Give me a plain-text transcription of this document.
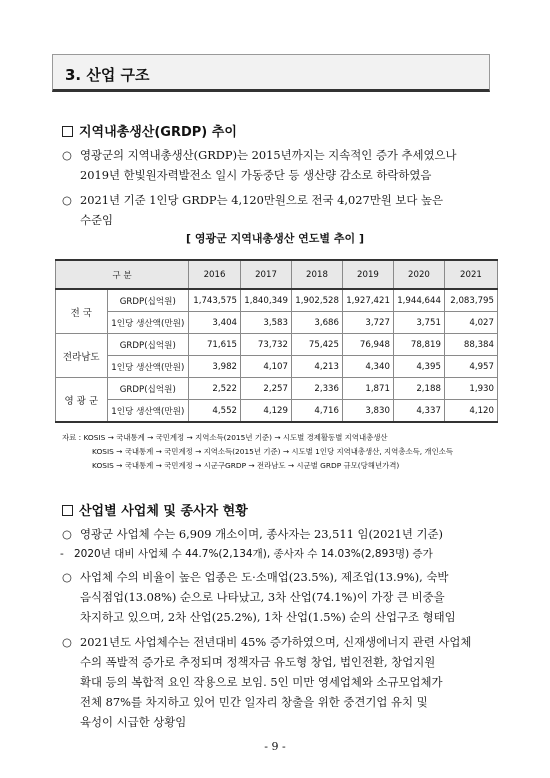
3. 산업 구조
지역내총생산(GRDP) 추이
○ 영광군의 지역내총생산(GRDP)는 2015년까지는 지속적인 증가 추세였으나
2019년 한빛원자력발전소 일시 가동중단 등 생산량 감소로 하락하였음
○ 2021년 기준 1인당 GRDP는 4,120만원으로 전국 4,027만원 보다 높은
수준임
[ 영광군 지역내총생산 연도별 추이 ]
구 분		2016	2017	2018	2019	2020	2021
전 국	GRDP(십억원)	1,743,575	1,840,349	1,902,528	1,927,421	1,944,644	2,083,795
	1인당 생산액(만원)	3,404	3,583	3,686	3,727	3,751	4,027
전라남도	GRDP(십억원)	71,615	73,732	75,425	76,948	78,819	88,384
	1인당 생산액(만원)	3,982	4,107	4,213	4,340	4,395	4,957
영 광 군	GRDP(십억원)	2,522	2,257	2,336	1,871	2,188	1,930
	1인당 생산액(만원)	4,552	4,129	4,716	3,830	4,337	4,120
자료 : KOSIS → 국내통계 → 국민계정 → 지역소득(2015년 기준) → 시도별 경제활동별 지역내총생산
KOSIS → 국내통계 → 국민계정 → 지역소득(2015년 기준) → 시도별 1인당 지역내총생산, 지역총소득, 개인소득
KOSIS → 국내통계 → 국민계정 → 시군구GRDP → 전라남도 → 시군별 GRDP 규모(당해년가격)
산업별 사업체 및 종사자 현황
○ 영광군 사업체 수는 6,909 개소이며, 종사자는 23,511 임(2021년 기준)
- 2020년 대비 사업체 수 44.7%(2,134개), 종사자 수 14.03%(2,893명) 증가
○ 사업체 수의 비율이 높은 업종은 도·소매업(23.5%), 제조업(13.9%), 숙박
음식점업(13.08%) 순으로 나타났고, 3차 산업(74.1%)이 가장 큰 비중을
차지하고 있으며, 2차 산업(25.2%), 1차 산업(1.5%) 순의 산업구조 형태임
○ 2021년도 사업체수는 전년대비 45% 증가하였으며, 신재생에너지 관련 사업체
수의 폭발적 증가로 추정되며 정책자금 유도형 창업, 법인전환, 창업지원
확대 등의 복합적 요인 작용으로 보임. 5인 미만 영세업체와 소규모업체가
전체 87%를 차지하고 있어 민간 일자리 창출을 위한 중견기업 유치 및
육성이 시급한 상황임
- 9 -
